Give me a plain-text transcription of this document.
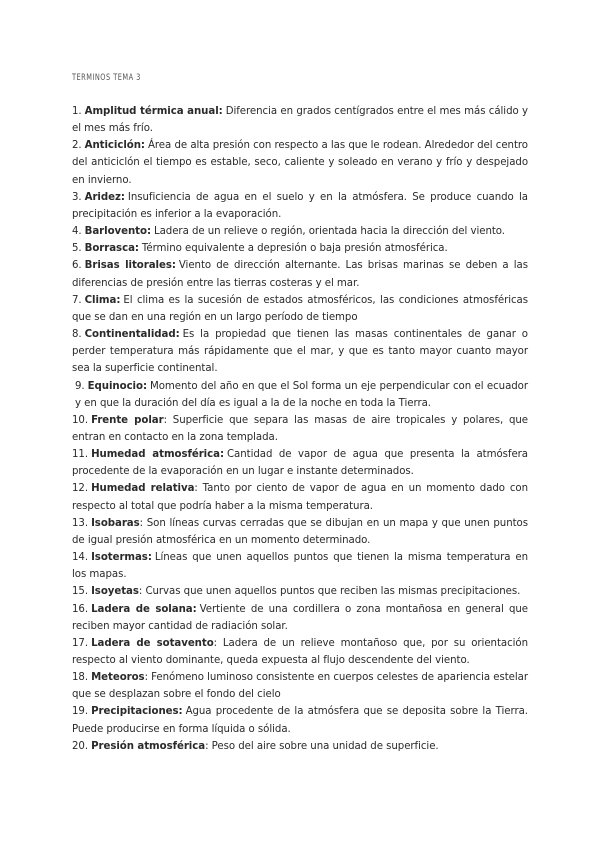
TERMINOS TEMA 3
1. Amplitud térmica anual: Diferencia en grados centígrados entre el mes más cálido y el mes más frío.
2. Anticiclón: Área de alta presión con respecto a las que le rodean. Alrededor del centro del anticiclón el tiempo es estable, seco, caliente y soleado en verano y frío y despejado en invierno.
3. Aridez: Insuficiencia de agua en el suelo y en la atmósfera. Se produce cuando la precipitación es inferior a la evaporación.
4. Barlovento: Ladera de un relieve o región, orientada hacia la dirección del viento.
5. Borrasca: Término equivalente a depresión o baja presión atmosférica.
6. Brisas litorales: Viento de dirección alternante. Las brisas marinas se deben a las diferencias de presión entre las tierras costeras y el mar.
7. Clima: El clima es la sucesión de estados atmosféricos, las condiciones atmosféricas que se dan en una región en un largo período de tiempo
8. Continentalidad: Es la propiedad que tienen las masas continentales de ganar o perder temperatura más rápidamente que el mar, y que es tanto mayor cuanto mayor sea la superficie continental.
9. Equinocio: Momento del año en que el Sol forma un eje perpendicular con el ecuador y en que la duración del día es igual a la de la noche en toda la Tierra.
10. Frente polar: Superficie que separa las masas de aire tropicales y polares, que entran en contacto en la zona templada.
11. Humedad atmosférica: Cantidad de vapor de agua que presenta la atmósfera procedente de la evaporación en un lugar e instante determinados.
12. Humedad relativa: Tanto por ciento de vapor de agua en un momento dado con respecto al total que podría haber a la misma temperatura.
13. Isobaras: Son líneas curvas cerradas que se dibujan en un mapa y que unen puntos de igual presión atmosférica en un momento determinado.
14. Isotermas: Líneas que unen aquellos puntos que tienen la misma temperatura en los mapas.
15. Isoyetas: Curvas que unen aquellos puntos que reciben las mismas precipitaciones.
16. Ladera de solana: Vertiente de una cordillera o zona montañosa en general que reciben mayor cantidad de radiación solar.
17. Ladera de sotavento: Ladera de un relieve montañoso que, por su orientación respecto al viento dominante, queda expuesta al flujo descendente del viento.
18. Meteoros: Fenómeno luminoso consistente en cuerpos celestes de apariencia estelar que se desplazan sobre el fondo del cielo
19. Precipitaciones: Agua procedente de la atmósfera que se deposita sobre la Tierra. Puede producirse en forma líquida o sólida.
20. Presión atmosférica: Peso del aire sobre una unidad de superficie.
